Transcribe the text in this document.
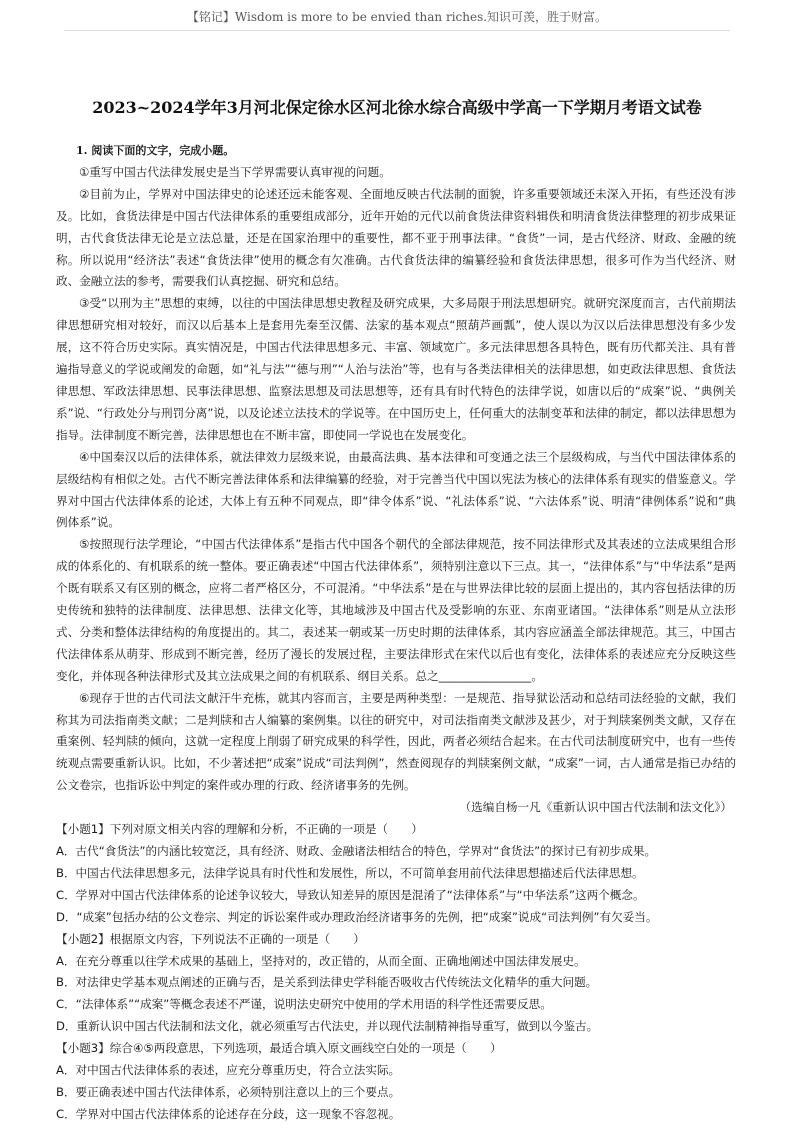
【铭记】Wisdom is more to be envied than riches.知识可羡，胜于财富。
2023~2024学年3月河北保定徐水区河北徐水综合高级中学高一下学期月考语文试卷
1. 阅读下面的文字，完成小题。

①重写中国古代法律发展史是当下学界需要认真审视的问题。

②目前为止，学界对中国法律史的论述还远未能客观、全面地反映古代法制的面貌，许多重要领域还未深入开拓，有些还没有涉及。比如，食货法律是中国古代法律体系的重要组成部分，近年开始的元代以前食货法律资料辑佚和明清食货法律整理的初步成果证明，古代食货法律无论是立法总量，还是在国家治理中的重要性，都不亚于刑事法律。“食货”一词，是古代经济、财政、金融的统称。所以说用“经济法”表述“食货法律”使用的概念有欠准确。古代食货法律的编纂经验和食货法律思想，很多可作为当代经济、财政、金融立法的参考，需要我们认真挖掘、研究和总结。

③受“以刑为主”思想的束缚，以往的中国法律思想史教程及研究成果，大多局限于刑法思想研究。就研究深度而言，古代前期法律思想研究相对较好，而汉以后基本上是套用先秦至汉儒、法家的基本观点“照葫芦画瓢”，使人误以为汉以后法律思想没有多少发展，这不符合历史实际。真实情况是，中国古代法律思想多元、丰富、领域宽广。多元法律思想各具特色，既有历代都关注、具有普遍指导意义的学说或阐发的命题，如“礼与法”“德与刑”“人治与法治”等，也有与各类法律相关的法律思想，如吏政法律思想、食货法律思想、军政法律思想、民事法律思想、监察法思想及司法思想等，还有具有时代特色的法律学说，如唐以后的“成案”说、“典例关系”说、“行政处分与刑罚分离”说，以及论述立法技术的学说等。在中国历史上，任何重大的法制变革和法律的制定，都以法律思想为指导。法律制度不断完善，法律思想也在不断丰富，即使同一学说也在发展变化。

④中国秦汉以后的法律体系，就法律效力层级来说，由最高法典、基本法律和可变通之法三个层级构成，与当代中国法律体系的层级结构有相似之处。古代不断完善法律体系和法律编纂的经验，对于完善当代中国以宪法为核心的法律体系有现实的借鉴意义。学界对中国古代法律体系的论述，大体上有五种不同观点，即“律令体系”说、“礼法体系”说、“六法体系”说、明清“律例体系”说和“典例体系”说。

⑤按照现行法学理论，“中国古代法律体系”是指古代中国各个朝代的全部法律规范，按不同法律形式及其表述的立法成果组合形成的体系化的、有机联系的统一整体。要正确表述“中国古代法律体系”，须特别注意以下三点。其一，“法律体系”与“中华法系”是两个既有联系又有区别的概念，应将二者严格区分，不可混淆。“中华法系”是在与世界法律比较的层面上提出的，其内容包括法律的历史传统和独特的法律制度、法律思想、法律文化等，其地域涉及中国古代及受影响的东亚、东南亚诸国。“法律体系”则是从立法形式、分类和整体法律结构的角度提出的。其二，表述某一朝或某一历史时期的法律体系，其内容应涵盖全部法律规范。其三，中国古代法律体系从萌芽、形成到不断完善，经历了漫长的发展过程，主要法律形式在宋代以后也有变化，法律体系的表述应充分反映这些变化，并体现各种法律形式及其立法成果之间的有机联系、纲目关系。总之________________。

⑥现存于世的古代司法文献汗牛充栋，就其内容而言，主要是两种类型：一是规范、指导狱讼活动和总结司法经验的文献，我们称其为司法指南类文献；二是判牍和古人编纂的案例集。以往的研究中，对司法指南类文献涉及甚少，对于判牍案例类文献，又存在重案例、轻判牍的倾向，这就一定程度上削弱了研究成果的科学性，因此，两者必须结合起来。在古代司法制度研究中，也有一些传统观点需要重新认识。比如，不少著述把“成案”说成“司法判例”，然查阅现存的判牍案例文献，“成案”一词，古人通常是指已办结的公文卷宗，也指诉讼中判定的案件或办理的行政、经济诸事务的先例。

（选编自杨一凡《重新认识中国古代法制和法文化》）

【小题1】下列对原文相关内容的理解和分析，不正确的一项是（　　）

A．古代“食货法”的内涵比较宽泛，具有经济、财政、金融诸法相结合的特色，学界对“食货法”的探讨已有初步成果。

B．中国古代法律思想多元，法律学说具有时代性和发展性，所以，不可简单套用前代法律思想描述后代法律思想。

C．学界对中国古代法律体系的论述争议较大，导致认知差异的原因是混淆了“法律体系”与“中华法系”这两个概念。

D．“成案”包括办结的公文卷宗、判定的诉讼案件或办理政治经济诸事务的先例，把“成案”说成“司法判例”有欠妥当。

【小题2】根据原文内容，下列说法不正确的一项是（　　）

A．在充分尊重以往学术成果的基础上，坚持对的，改正错的，从而全面、正确地阐述中国法律发展史。

B．对法律史学基本观点阐述的正确与否，是关系到法律史学科能否吸收古代传统法文化精华的重大问题。

C．“法律体系”“成案”等概念表述不严谨，说明法史研究中使用的学术用语的科学性还需要反思。

D．重新认识中国古代法制和法文化，就必须重写古代法史，并以现代法制精神指导重写，做到以今鉴古。

【小题3】综合④⑤两段意思，下列选项，最适合填入原文画线空白处的一项是（　　）

A．对中国古代法律体系的表述，应充分尊重历史，符合立法实际。

B．要正确表述中国古代法律体系，必须特别注意以上的三个要点。

C．学界对中国古代法律体系的论述存在分歧，这一现象不容忽视。
